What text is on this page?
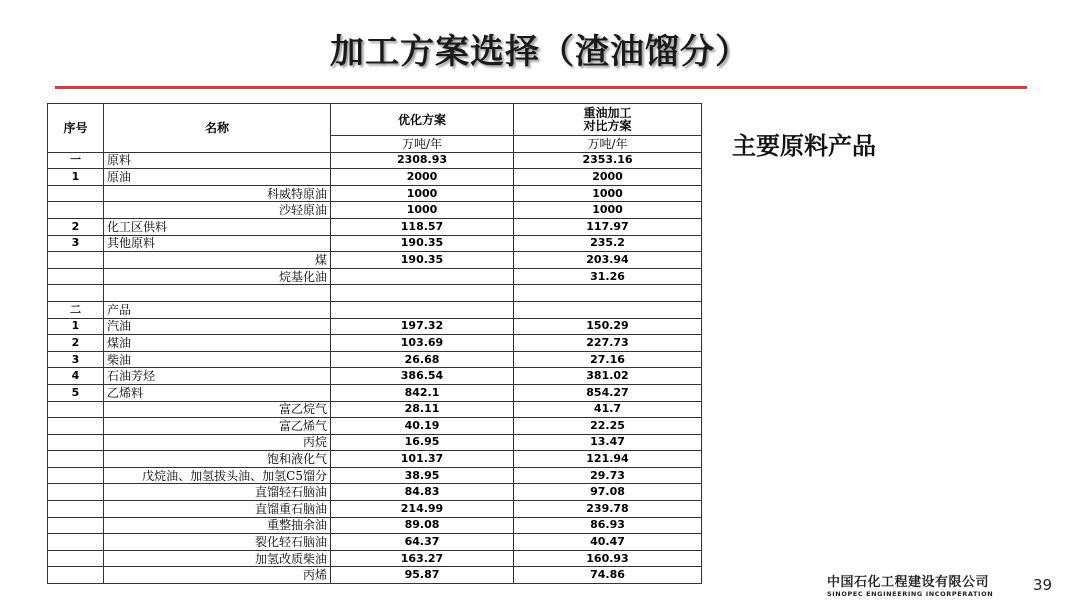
加工方案选择（渣油馏分）
序号	名称	优化方案	重油加工
对比方案
		万吨/年	万吨/年
一	原料	2308.93	2353.16
1	原油	2000	2000
	科威特原油	1000	1000
	沙轻原油	1000	1000
2	化工区供料	118.57	117.97
3	其他原料	190.35	235.2
	煤	190.35	203.94
	烷基化油		31.26

二	产品		
1	汽油	197.32	150.29
2	煤油	103.69	227.73
3	柴油	26.68	27.16
4	石油芳烃	386.54	381.02
5	乙烯料	842.1	854.27
	富乙烷气	28.11	41.7
	富乙烯气	40.19	22.25
	丙烷	16.95	13.47
	饱和液化气	101.37	121.94
	戊烷油、加氢拔头油、加氢C5馏分	38.95	29.73
	直馏轻石脑油	84.83	97.08
	直馏重石脑油	214.99	239.78
	重整抽余油	89.08	86.93
	裂化轻石脑油	64.37	40.47
	加氢改质柴油	163.27	160.93
	丙烯	95.87	74.86
主要原料产品
中国石化工程建设有限公司
SINOPEC ENGINEERING INCORPERATION	39
